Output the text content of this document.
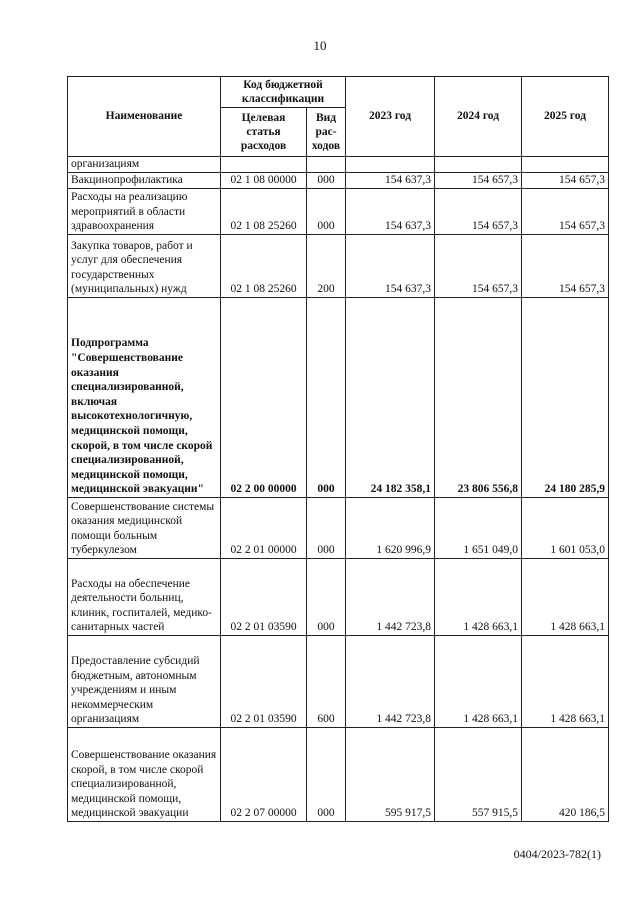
10
Наименование	Код бюджетной классификации		2023 год	2024 год	2025 год
	Целевая статья расходов	Вид рас-ходов			
организациям					
Вакцинопрофилактика	02 1 08 00000	000	154 637,3	154 657,3	154 657,3
Расходы на реализацию мероприятий в области здравоохранения	02 1 08 25260	000	154 637,3	154 657,3	154 657,3
Закупка товаров, работ и услуг для обеспечения государственных (муниципальных) нужд	02 1 08 25260	200	154 637,3	154 657,3	154 657,3
Подпрограмма "Совершенствование оказания специализированной, включая высокотехнологичную, медицинской помощи, скорой, в том числе скорой специализированной, медицинской помощи, медицинской эвакуации"	02 2 00 00000	000	24 182 358,1	23 806 556,8	24 180 285,9
Совершенствование системы оказания медицинской помощи больным туберкулезом	02 2 01 00000	000	1 620 996,9	1 651 049,0	1 601 053,0
Расходы на обеспечение деятельности больниц, клиник, госпиталей, медико-санитарных частей	02 2 01 03590	000	1 442 723,8	1 428 663,1	1 428 663,1
Предоставление субсидий бюджетным, автономным учреждениям и иным некоммерческим организациям	02 2 01 03590	600	1 442 723,8	1 428 663,1	1 428 663,1
Совершенствование оказания скорой, в том числе скорой специализированной, медицинской помощи, медицинской эвакуации	02 2 07 00000	000	595 917,5	557 915,5	420 186,5
0404/2023-782(1)
